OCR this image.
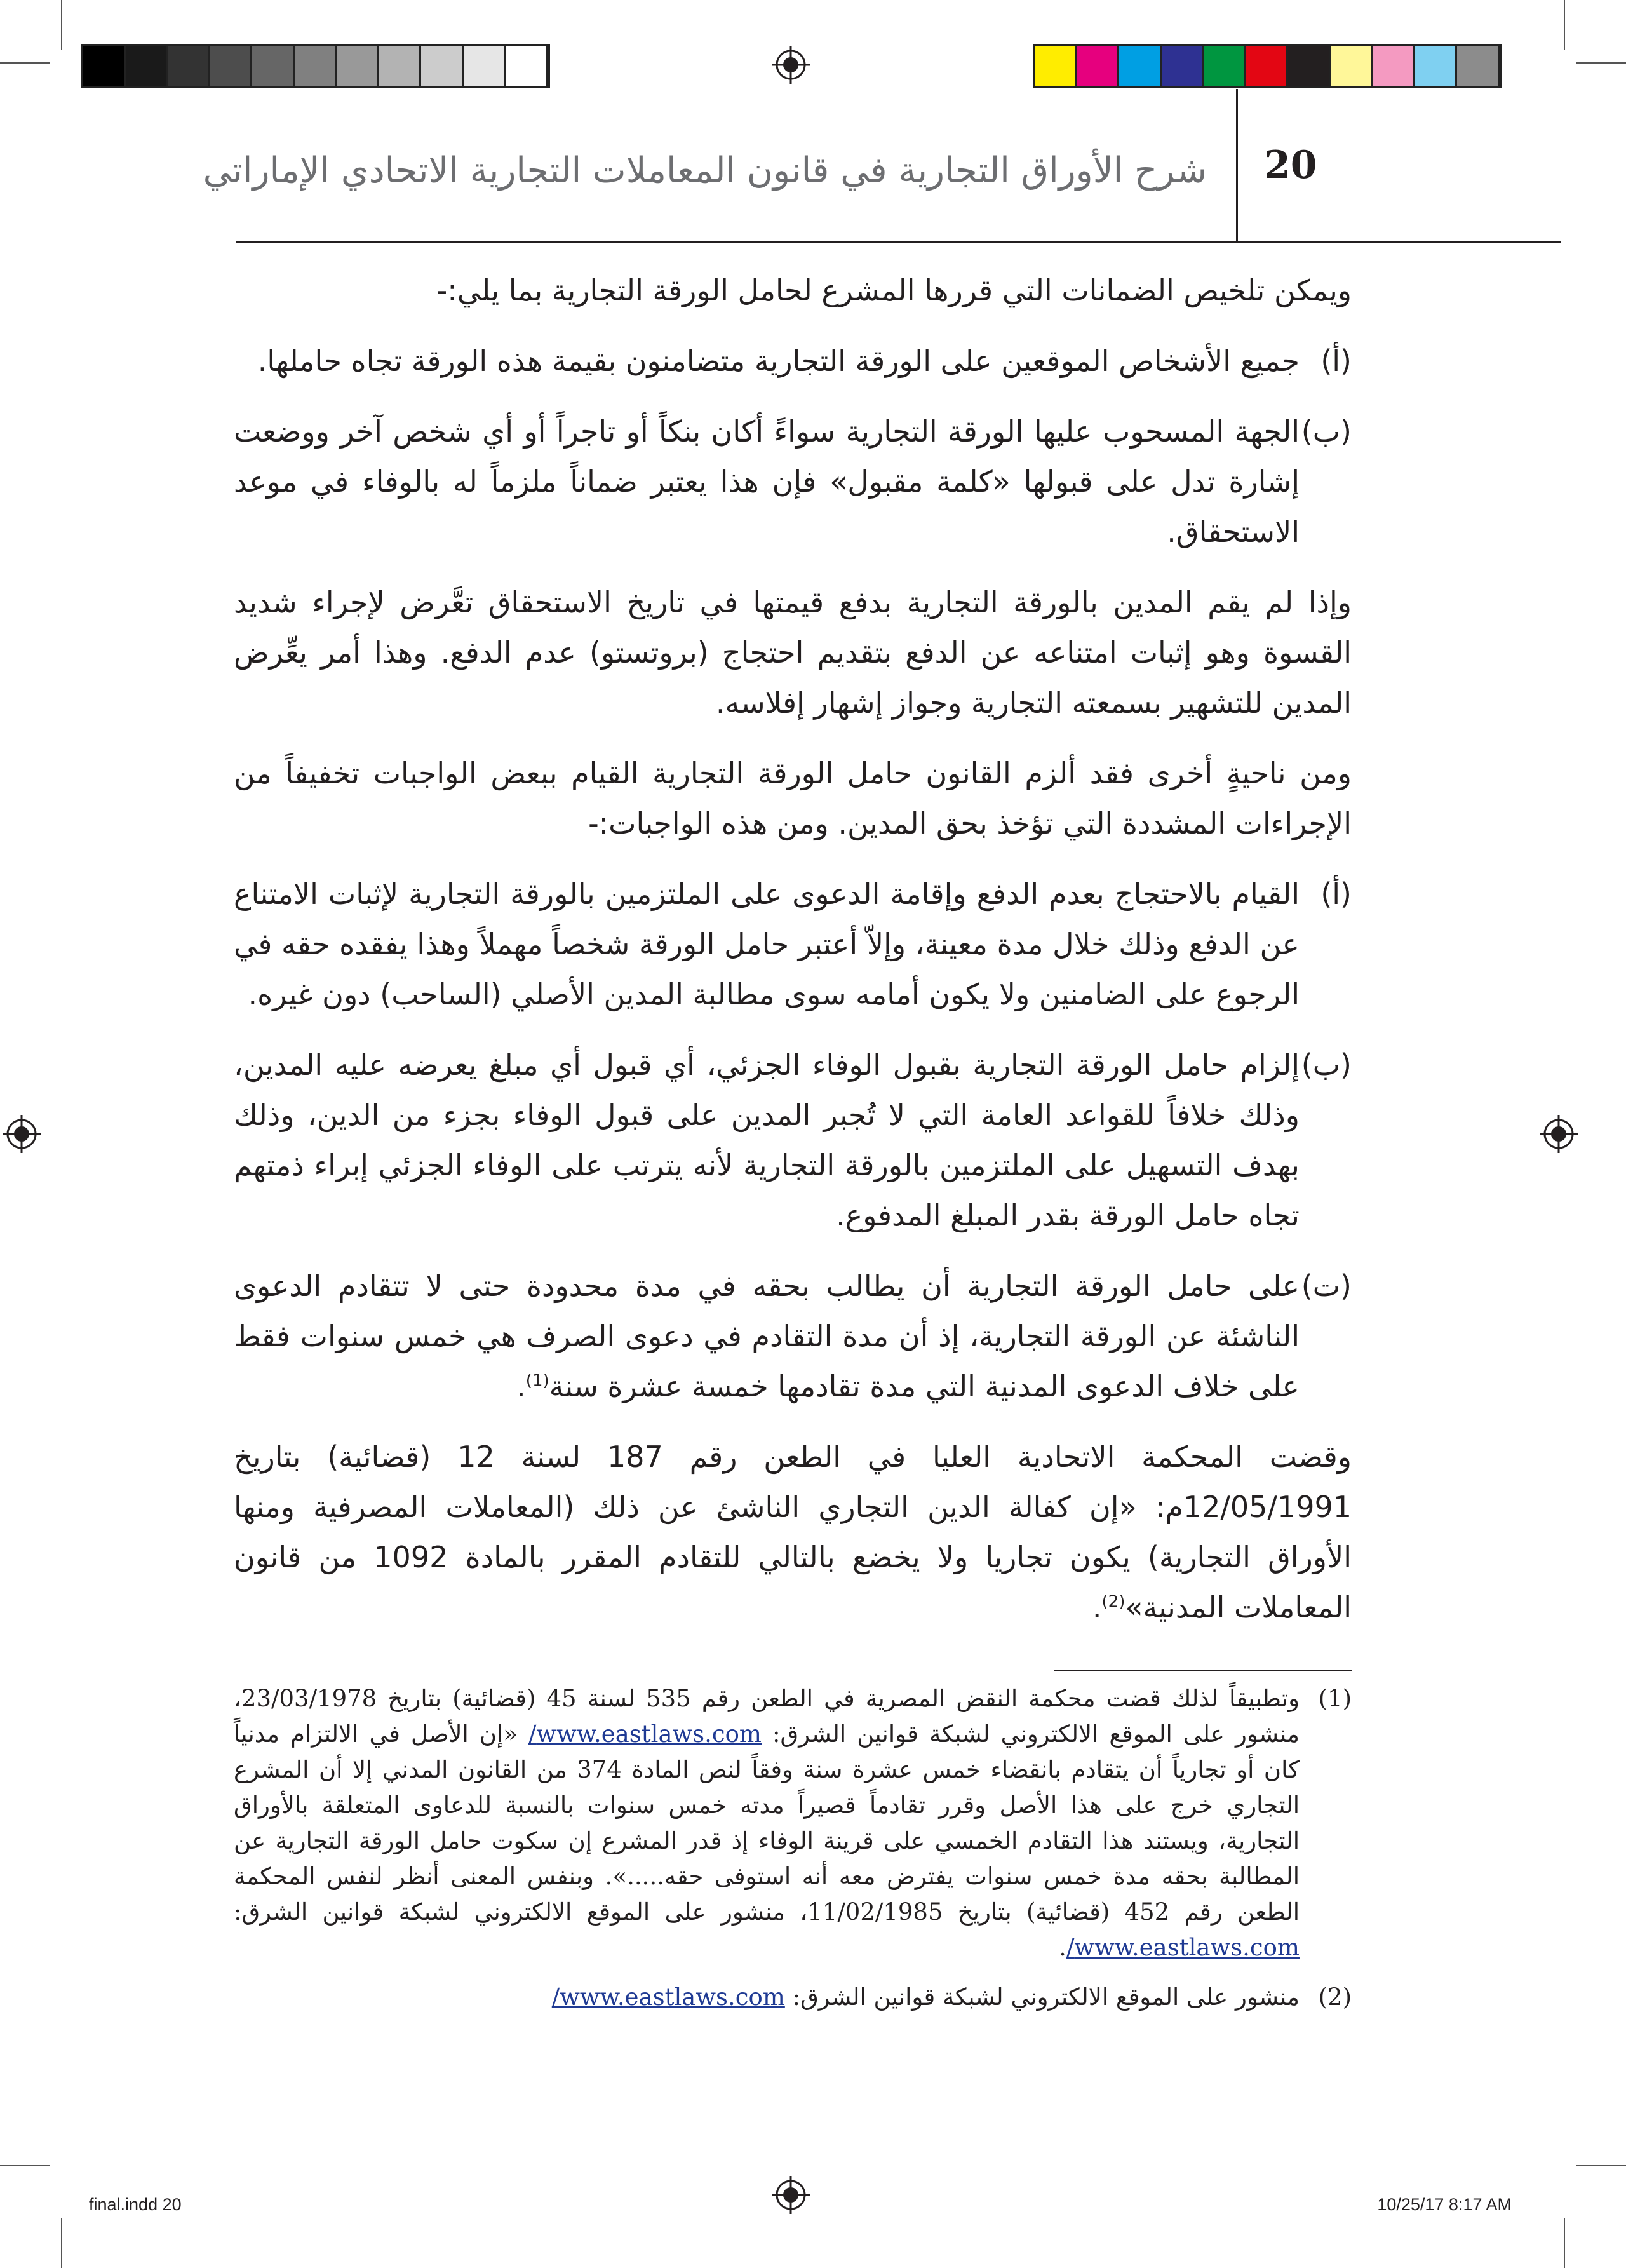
20
شرح الأوراق التجارية في قانون المعاملات التجارية الاتحادي الإماراتي

ويمكن تلخيص الضمانات التي قررها المشرع لحامل الورقة التجارية بما يلي:-

(أ)
جميع الأشخاص الموقعين على الورقة التجارية متضامنون بقيمة هذه الورقة تجاه حاملها.
(ب)
الجهة المسحوب عليها الورقة التجارية سواءً أكان بنكاً أو تاجراً أو أي شخص آخر ووضعت إشارة تدل على قبولها «كلمة مقبول» فإن هذا يعتبر ضماناً ملزماً له بالوفاء في موعد الاستحقاق.

وإذا لم يقم المدين بالورقة التجارية بدفع قيمتها في تاريخ الاستحقاق تعَّرض لإجراء شديد القسوة وهو إثبات امتناعه عن الدفع بتقديم احتجاج (بروتستو) عدم الدفع. وهذا أمر يعِّرض المدين للتشهير بسمعته التجارية وجواز إشهار إفلاسه.

ومن ناحيةٍ أخرى فقد ألزم القانون حامل الورقة التجارية القيام ببعض الواجبات تخفيفاً من الإجراءات المشددة التي تؤخذ بحق المدين. ومن هذه الواجبات:-

(أ)
القيام بالاحتجاج بعدم الدفع وإقامة الدعوى على الملتزمين بالورقة التجارية لإثبات الامتناع عن الدفع وذلك خلال مدة معينة، وإلاّ أعتبر حامل الورقة شخصاً مهملاً وهذا يفقده حقه في الرجوع على الضامنين ولا يكون أمامه سوى مطالبة المدين الأصلي (الساحب) دون غيره.
(ب)
إلزام حامل الورقة التجارية بقبول الوفاء الجزئي، أي قبول أي مبلغ يعرضه عليه المدين، وذلك خلافاً للقواعد العامة التي لا تُجبر المدين على قبول الوفاء بجزء من الدين، وذلك بهدف التسهيل على الملتزمين بالورقة التجارية لأنه يترتب على الوفاء الجزئي إبراء ذمتهم تجاه حامل الورقة بقدر المبلغ المدفوع.
(ت)
على حامل الورقة التجارية أن يطالب بحقه في مدة محدودة حتى لا تتقادم الدعوى الناشئة عن الورقة التجارية، إذ أن مدة التقادم في دعوى الصرف هي خمس سنوات فقط على خلاف الدعوى المدنية التي مدة تقادمها خمسة عشرة سنة$^{(1)}$.

وقضت المحكمة الاتحادية العليا في الطعن رقم 187 لسنة 12 (قضائية) بتاريخ 12/05/1991م: «إن كفالة الدين التجاري الناشئ عن ذلك (المعاملات المصرفية ومنها الأوراق التجارية) يكون تجاريا ولا يخضع بالتالي للتقادم المقرر بالمادة 1092 من قانون المعاملات المدنية»$^{(2)}$.

(1)
وتطبيقاً لذلك قضت محكمة النقض المصرية في الطعن رقم 535 لسنة 45 (قضائية) بتاريخ 23/03/1978، منشور على الموقع الالكتروني لشبكة قوانين الشرق: www.eastlaws.com/ «إن الأصل في الالتزام مدنياً كان أو تجارياً أن يتقادم بانقضاء خمس عشرة سنة وفقاً لنص المادة 374 من القانون المدني إلا أن المشرع التجاري خرج على هذا الأصل وقرر تقادماً قصيراً مدته خمس سنوات بالنسبة للدعاوى المتعلقة بالأوراق التجارية، ويستند هذا التقادم الخمسي على قرينة الوفاء إذ قدر المشرع إن سكوت حامل الورقة التجارية عن المطالبة بحقه مدة خمس سنوات يفترض معه أنه استوفى حقه.....». وبنفس المعنى أنظر لنفس المحكمة الطعن رقم 452 (قضائية) بتاريخ 11/02/1985، منشور على الموقع الالكتروني لشبكة قوانين الشرق: www.eastlaws.com/.
(2)
منشور على الموقع الالكتروني لشبكة قوانين الشرق: www.eastlaws.com/
final.indd 20	10/25/17 8:17 AM
